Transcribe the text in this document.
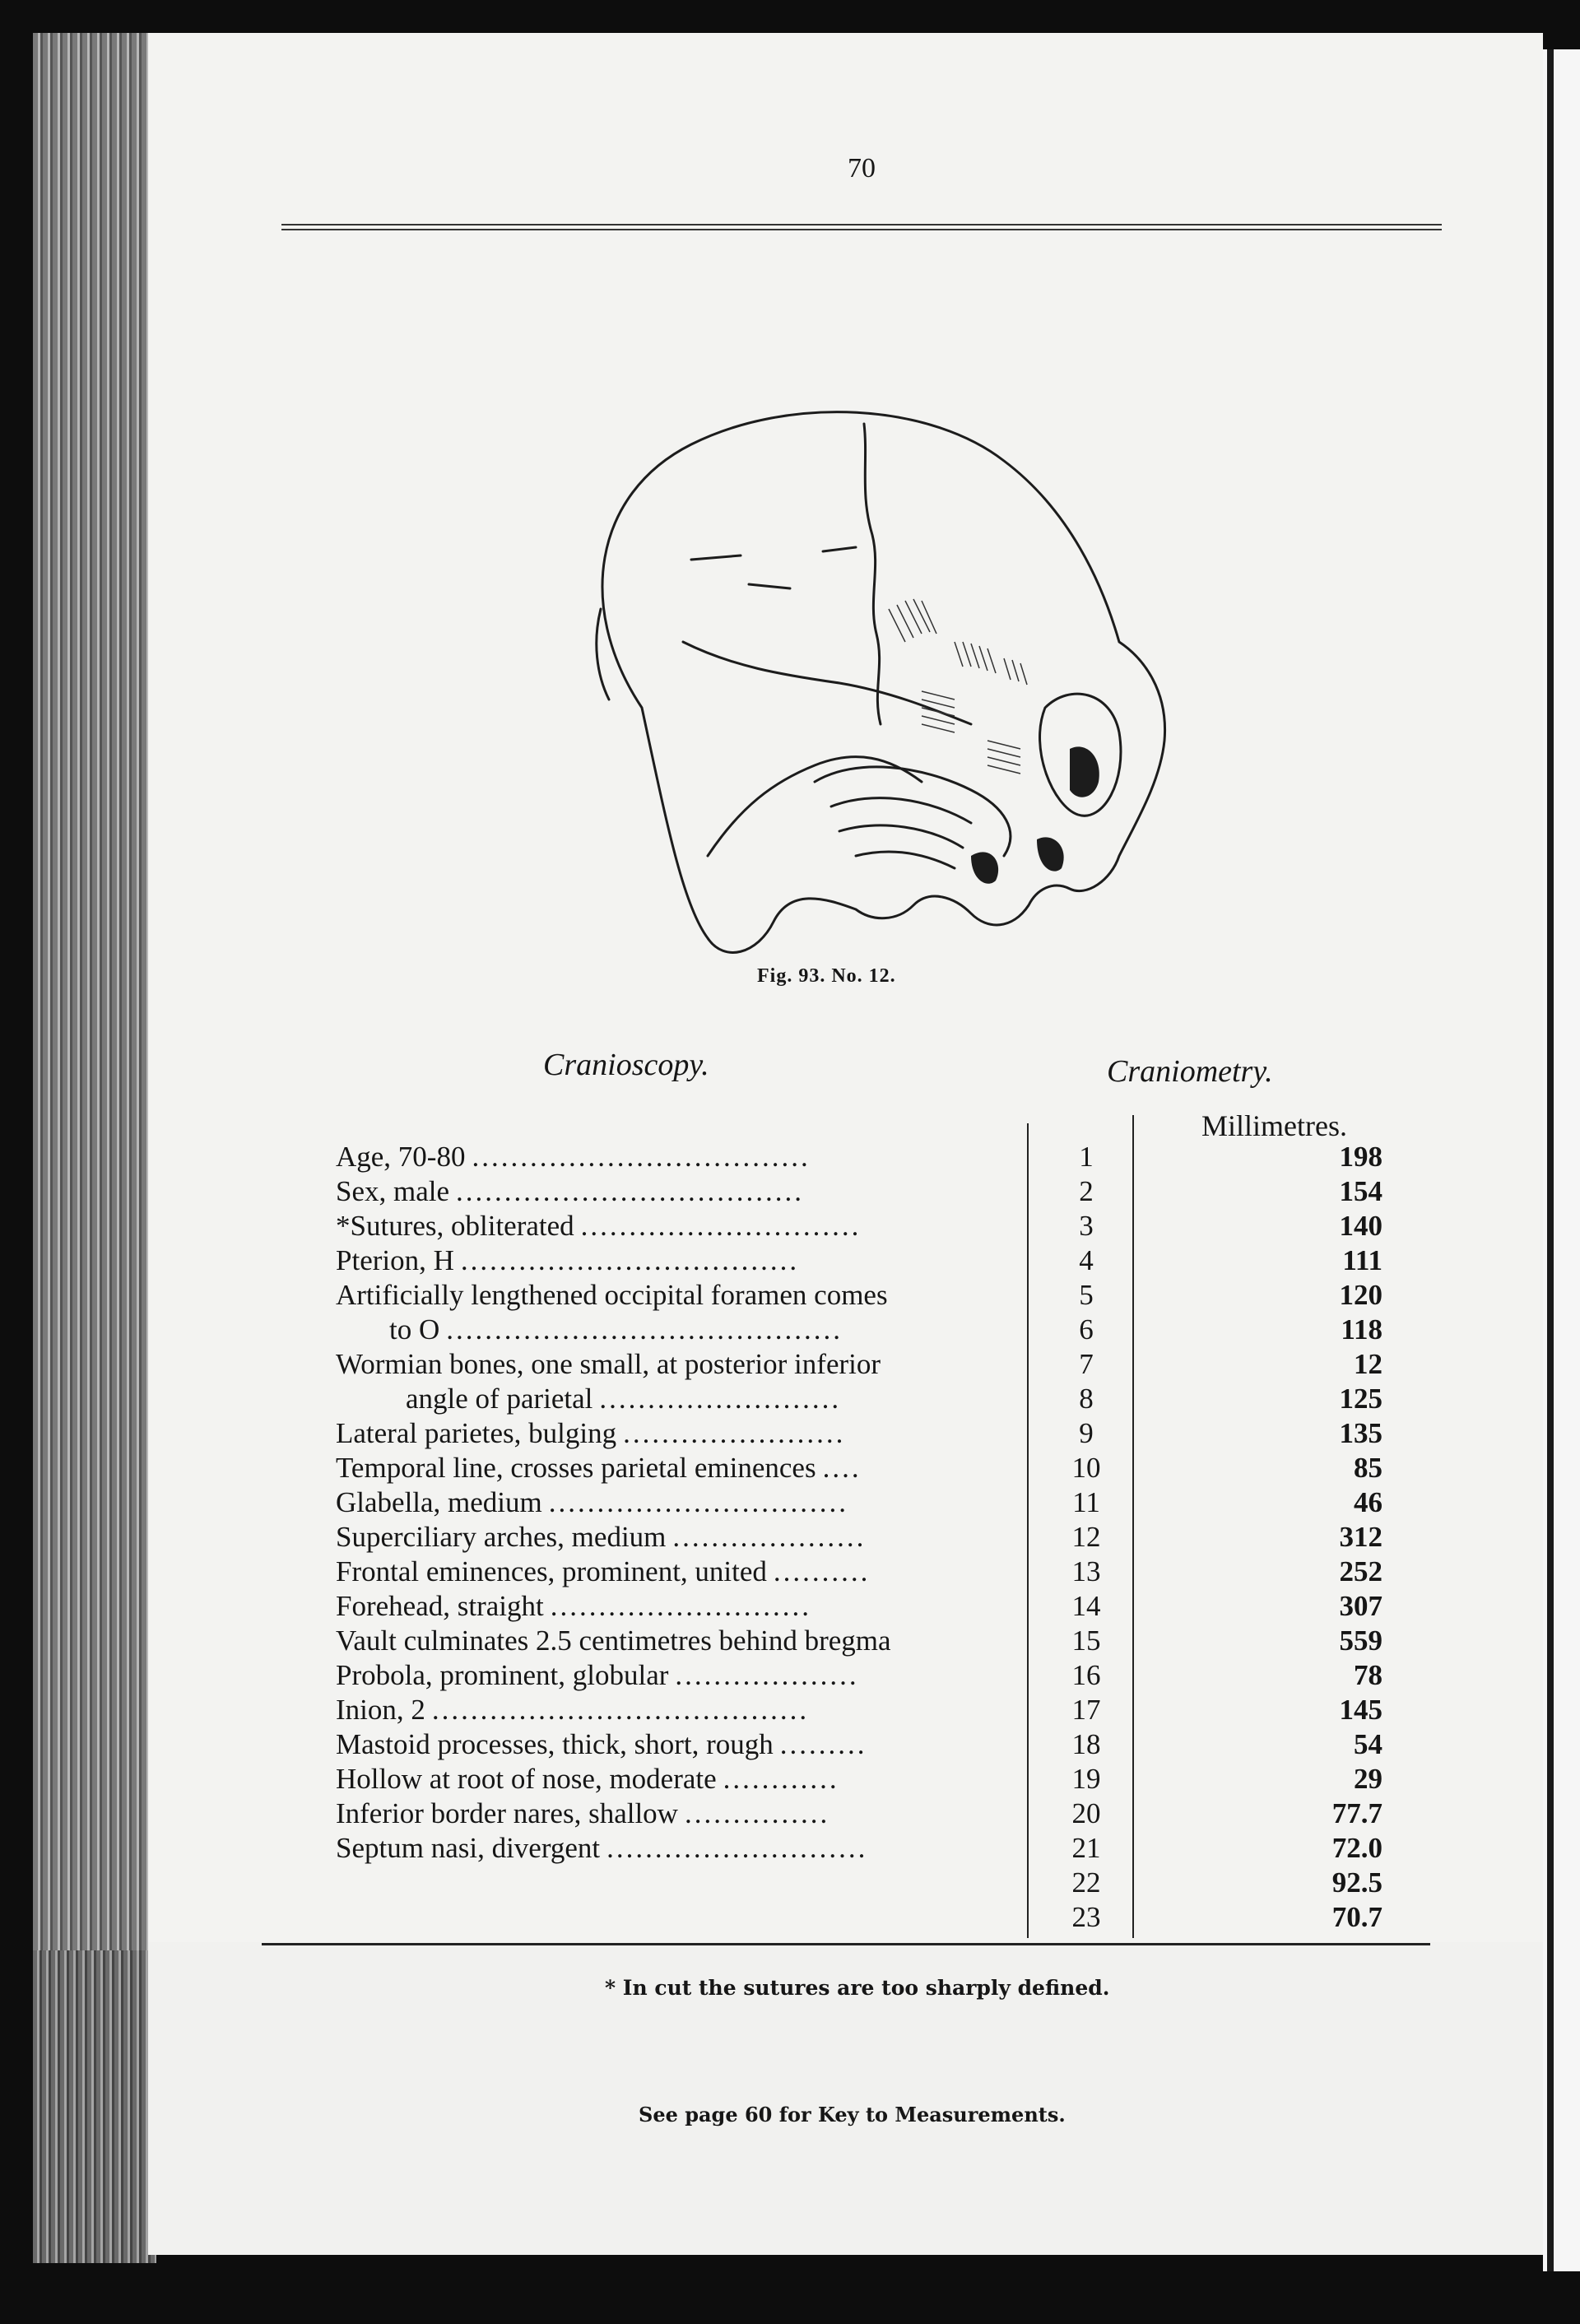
70
Fig. 93. No. 12.
Cranioscopy.	Craniometry.
Millimetres.
Age, 70-80 ...................................
Sex, male ....................................
*Sutures, obliterated .............................
Pterion, H ...................................
Artificially lengthened occipital foramen comes
to O .........................................
Wormian bones, one small, at posterior inferior
angle of parietal .........................
Lateral parietes, bulging .......................
Temporal line, crosses parietal eminences ....
Glabella, medium ...............................
Superciliary arches, medium ....................
Frontal eminences, prominent, united ..........
Forehead, straight ...........................
Vault culminates 2.5 centimetres behind bregma
Probola, prominent, globular ...................
Inion, 2 .......................................
Mastoid processes, thick, short, rough .........
Hollow at root of nose, moderate ............
Inferior border nares, shallow ...............
Septum nasi, divergent ...........................
1
2
3
4
5
6
7
8
9
10
11
12
13
14
15
16
17
18
19
20
21
22
23
198
154
140
111
120
118
12
125
135
85
46
312
252
307
559
78
145
54
29
77.7
72.0
92.5
70.7
* In cut the sutures are too sharply defined.
See page 60 for Key to Measurements.
